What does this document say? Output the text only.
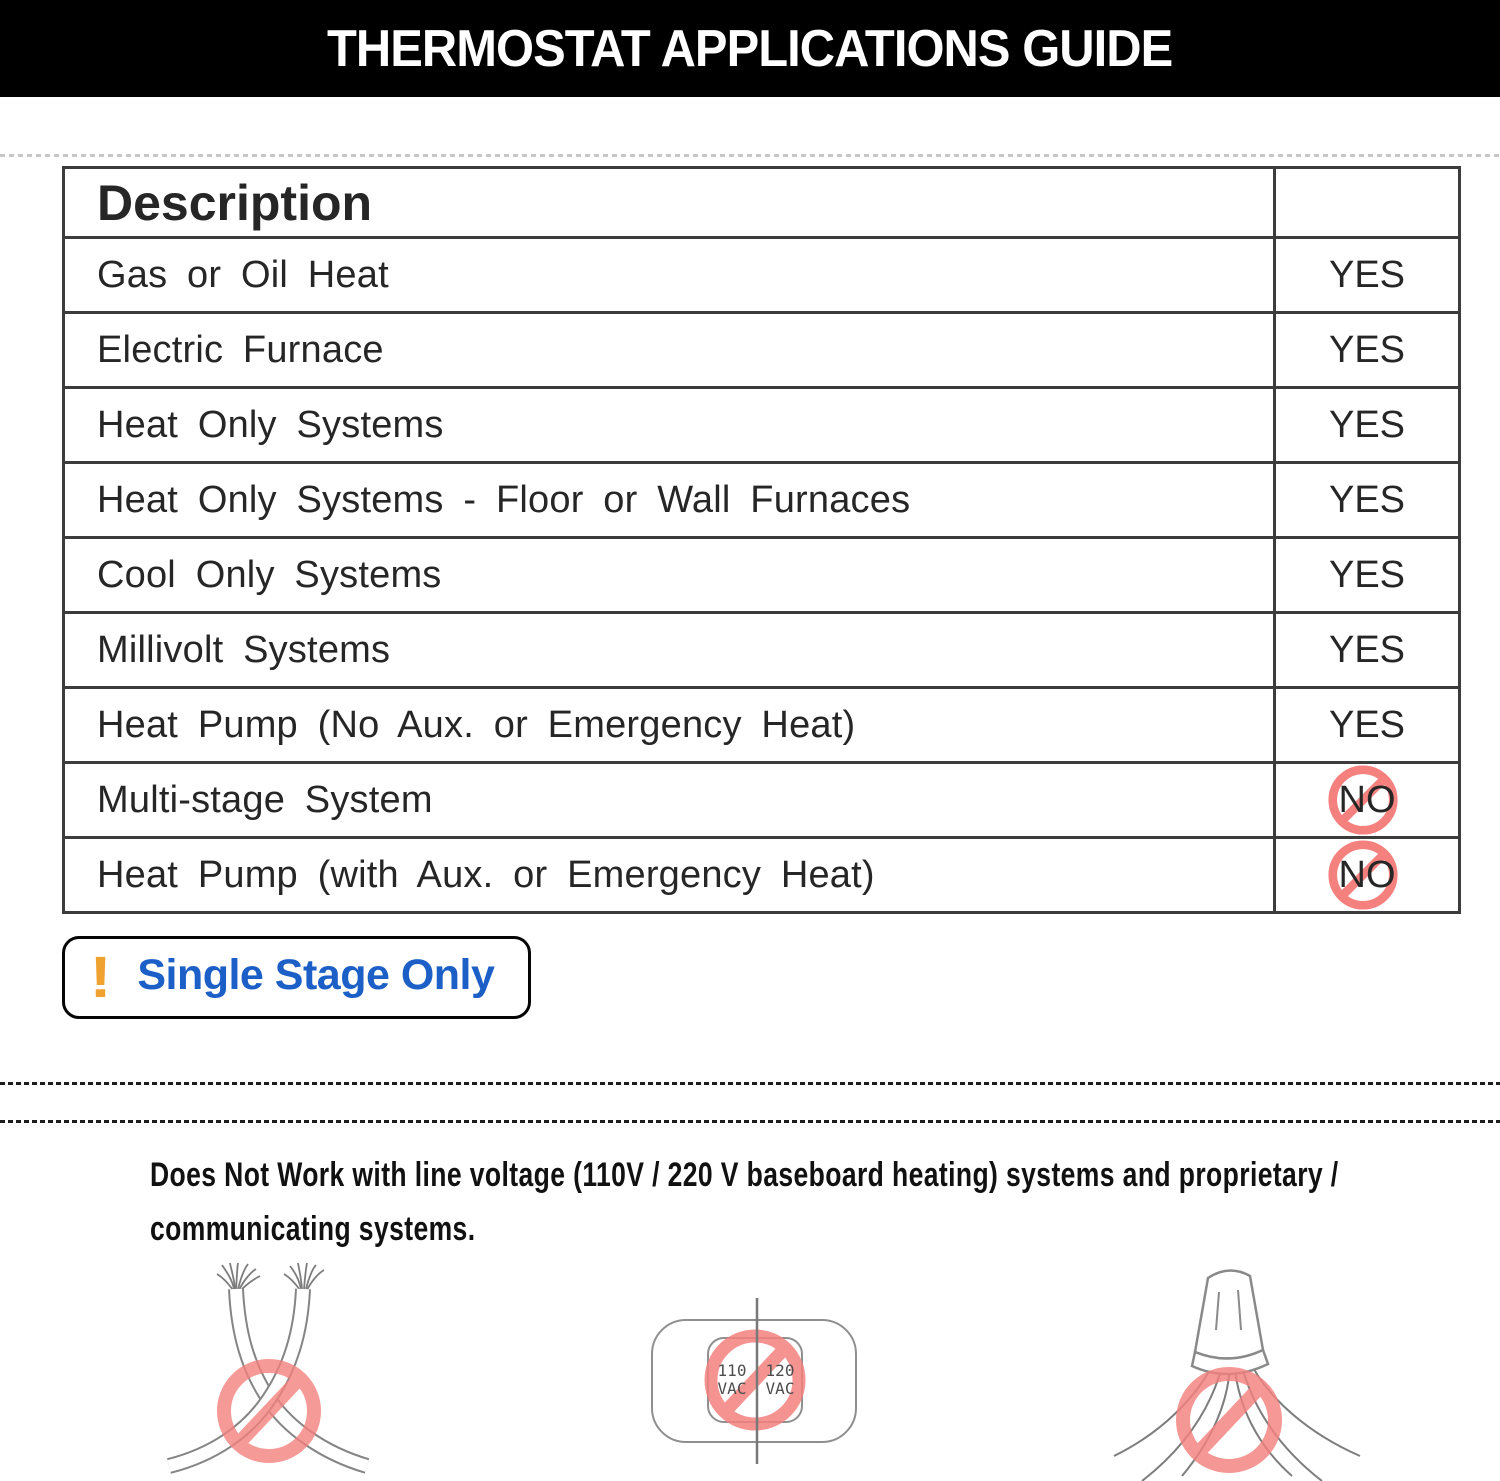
THERMOSTAT APPLICATIONS GUIDE
Description	
Gas or Oil Heat	YES

Electric Furnace	YES

Heat Only Systems	YES

Heat Only Systems - Floor or Wall Furnaces	YES

Cool Only Systems	YES

Millivolt Systems	YES

Heat Pump (No Aux. or Emergency Heat)	YES

Multi-stage System	NO

Heat Pump (with Aux. or Emergency Heat)	NO
! Single Stage Only
Does Not Work with line voltage (110V / 220 V baseboard heating) systems and proprietary /
communicating systems.
110
VAC
120
VAC
